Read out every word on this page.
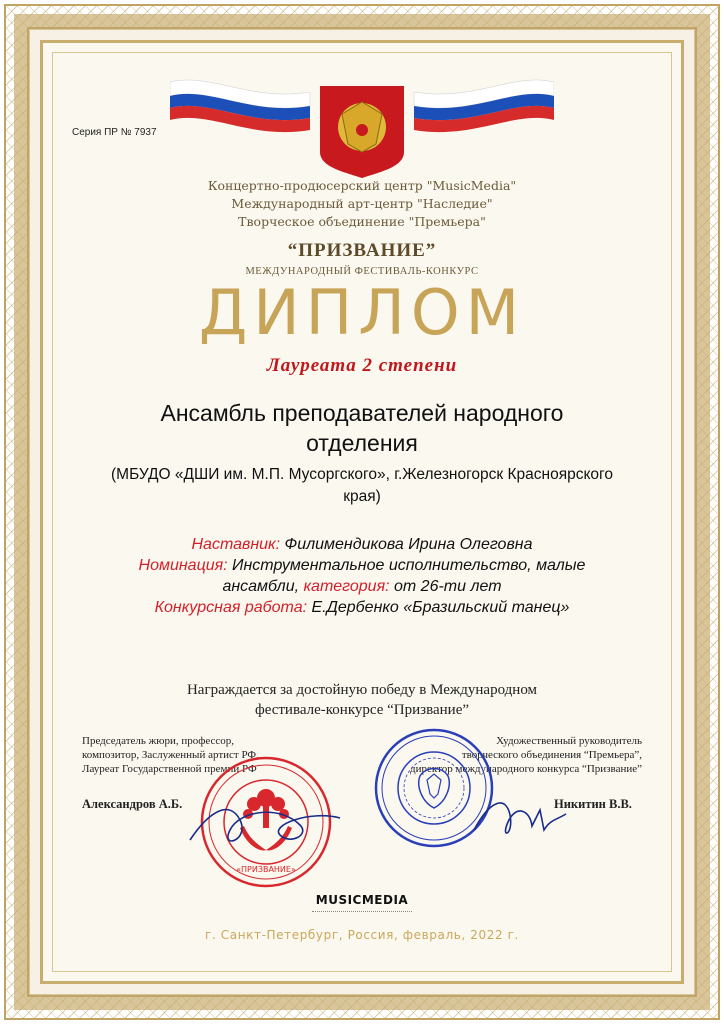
Серия ПР № 7937
Концертно-продюсерский центр "MusicMedia"
Международный арт-центр "Наследие"
Творческое объединение "Премьера"
“ПРИЗВАНИЕ”
МЕЖДУНАРОДНЫЙ ФЕСТИВАЛЬ-КОНКУРС
ДИПЛОМ
Лауреата 2 степени
Ансамбль преподавателей народного
отделения
(МБУДО «ДШИ им. М.П. Мусоргского», г.Железногорск Красноярского
края)
Наставник: Филимендикова Ирина Олеговна
Номинация: Инструментальное исполнительство, малые
ансамбли, категория: от 26-ти лет
Конкурсная работа: Е.Дербенко «Бразильский танец»
Награждается за достойную победу в Международном
фестивале-конкурсе “Призвание”
Председатель жюри, профессор,
композитор, Заслуженный артист РФ,
Лауреат Государственной премии РФ
Художественный руководитель
творческого объединения “Премьера”,
директор международного конкурса “Призвание”
«ПРИЗВАНИЕ»
Александров А.Б.	Никитин В.В.
MUSICMEDIA
г. Санкт-Петербург, Россия, февраль, 2022 г.
